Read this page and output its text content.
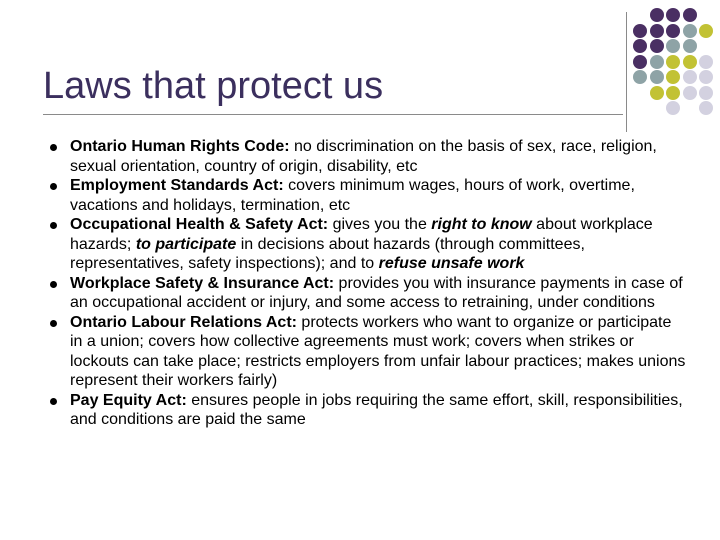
Laws that protect us
Ontario Human Rights Code: no discrimination on the basis of sex, race, religion, sexual orientation, country of origin, disability, etc
Employment Standards Act: covers minimum wages, hours of work, overtime, vacations and holidays, termination, etc
Occupational Health & Safety Act: gives you the right to know about workplace hazards; to participate in decisions about hazards (through committees, representatives, safety inspections); and to refuse unsafe work
Workplace Safety & Insurance Act: provides you with insurance payments in case of an occupational accident or injury, and some access to retraining, under conditions
Ontario Labour Relations Act: protects workers who want to organize or participate in a union; covers how collective agreements must work; covers when strikes or lockouts can take place; restricts employers from unfair labour practices; makes unions represent their workers fairly)
Pay Equity Act: ensures people in jobs requiring the same effort, skill, responsibilities, and conditions are paid the same
